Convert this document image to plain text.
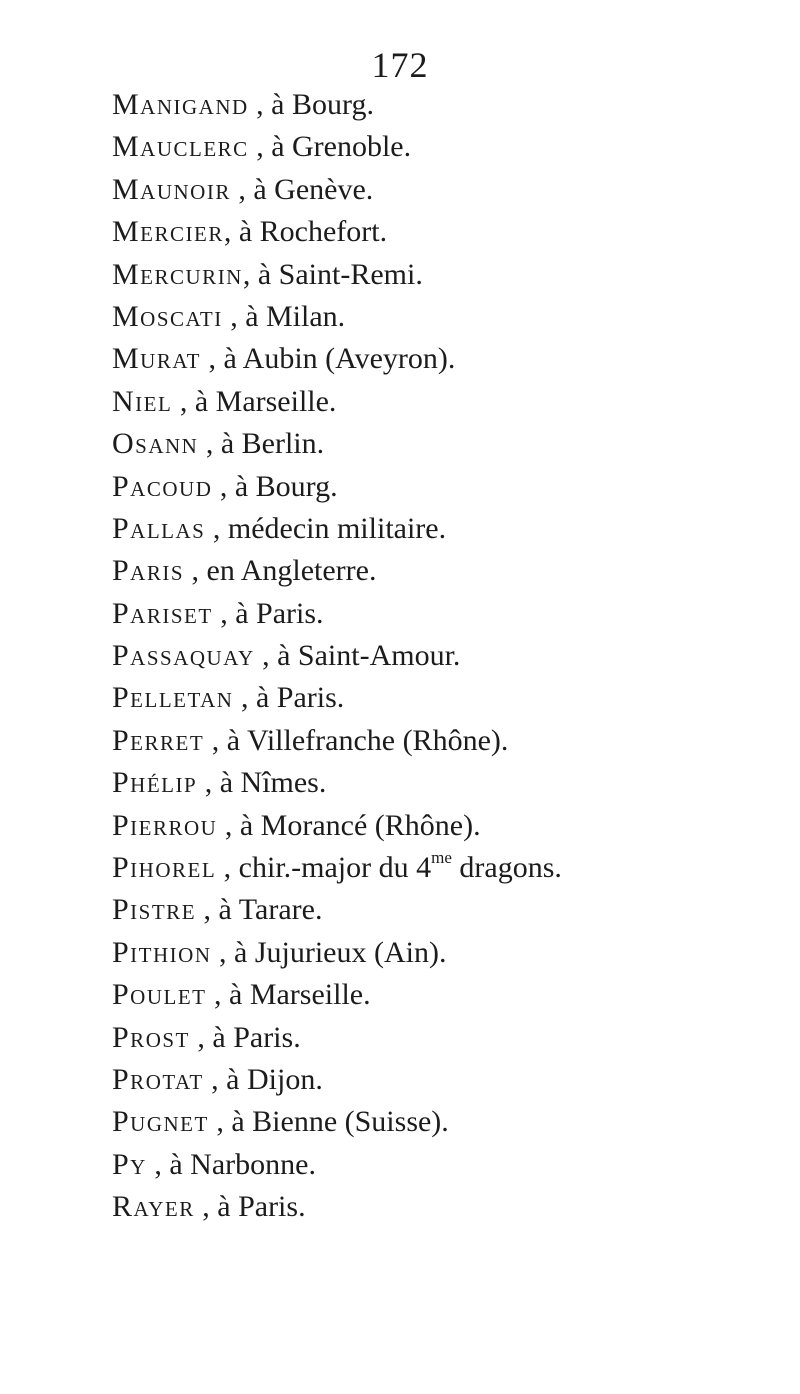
172
Manigand , à Bourg.
Mauclerc , à Grenoble.
Maunoir , à Genève.
Mercier, à Rochefort.
Mercurin, à Saint-Remi.
Moscati , à Milan.
Murat , à Aubin (Aveyron).
Niel , à Marseille.
Osann , à Berlin.
Pacoud , à Bourg.
Pallas , médecin militaire.
Paris , en Angleterre.
Pariset , à Paris.
Passaquay , à Saint-Amour.
Pelletan , à Paris.
Perret , à Villefranche (Rhône).
Phélip , à Nîmes.
Pierrou , à Morancé (Rhône).
Pihorel , chir.-major du $4^{me}$ dragons.
Pistre , à Tarare.
Pithion , à Jujurieux (Ain).
Poulet , à Marseille.
Prost , à Paris.
Protat , à Dijon.
Pugnet , à Bienne (Suisse).
Py , à Narbonne.
Rayer , à Paris.
